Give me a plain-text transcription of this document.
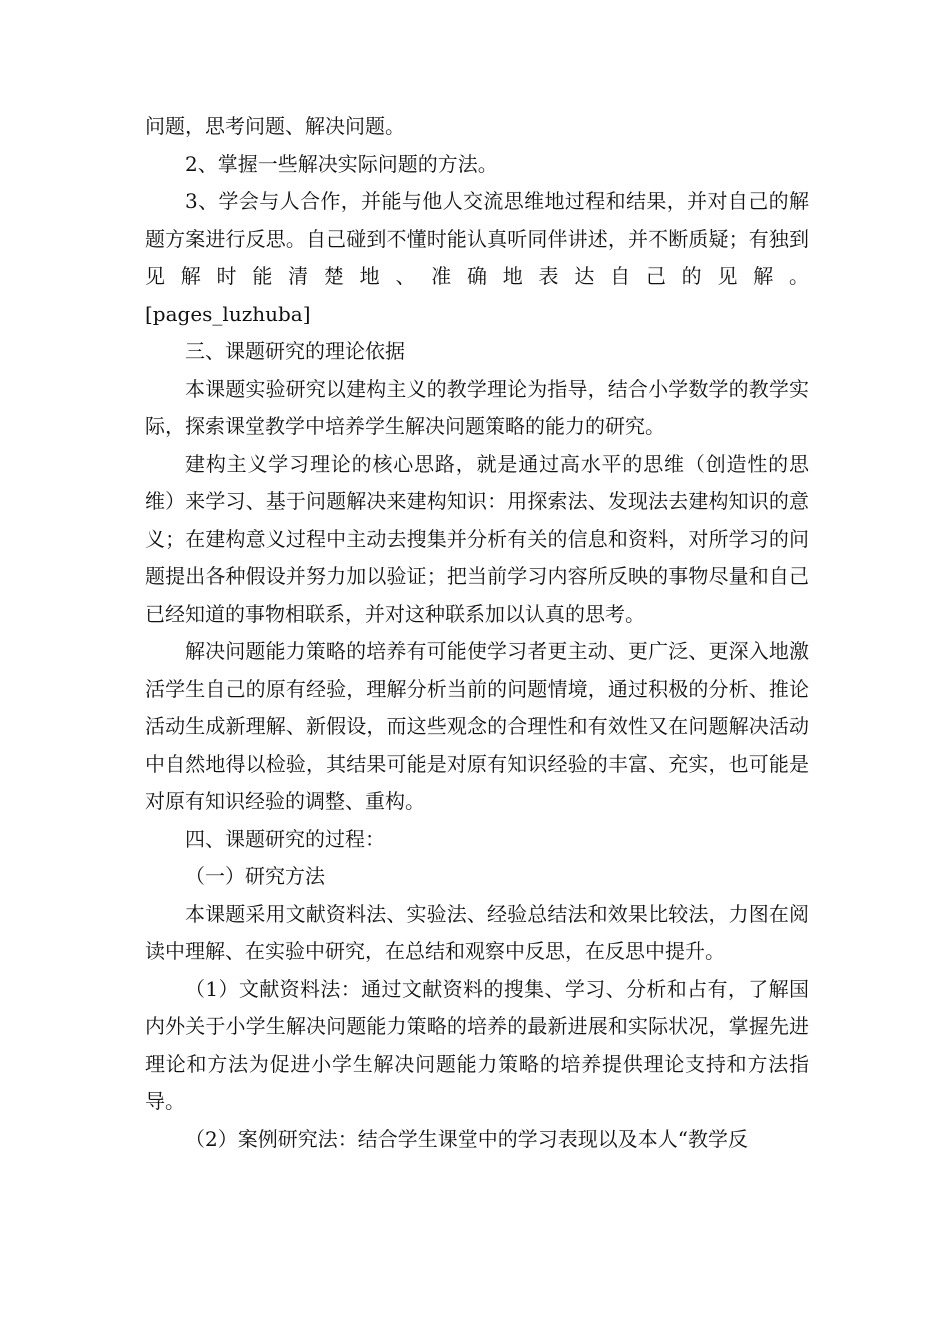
问题，思考问题、解决问题。

2、掌握一些解决实际问题的方法。

3、学会与人合作，并能与他人交流思维地过程和结果，并对自己的解题方案进行反思。自己碰到不懂时能认真听同伴讲述，并不断质疑；有独到见解时能清楚地、准确地表达自己的见解。

[pages_luzhuba]

三、课题研究的理论依据

本课题实验研究以建构主义的教学理论为指导，结合小学数学的教学实际，探索课堂教学中培养学生解决问题策略的能力的研究。

建构主义学习理论的核心思路，就是通过高水平的思维（创造性的思维）来学习、基于问题解决来建构知识：用探索法、发现法去建构知识的意义；在建构意义过程中主动去搜集并分析有关的信息和资料，对所学习的问题提出各种假设并努力加以验证；把当前学习内容所反映的事物尽量和自己已经知道的事物相联系，并对这种联系加以认真的思考。

解决问题能力策略的培养有可能使学习者更主动、更广泛、更深入地激活学生自己的原有经验，理解分析当前的问题情境，通过积极的分析、推论活动生成新理解、新假设，而这些观念的合理性和有效性又在问题解决活动中自然地得以检验，其结果可能是对原有知识经验的丰富、充实，也可能是对原有知识经验的调整、重构。

四、课题研究的过程：

（一）研究方法

本课题采用文献资料法、实验法、经验总结法和效果比较法，力图在阅读中理解、在实验中研究，在总结和观察中反思，在反思中提升。

（1）文献资料法：通过文献资料的搜集、学习、分析和占有，了解国内外关于小学生解决问题能力策略的培养的最新进展和实际状况，掌握先进理论和方法为促进小学生解决问题能力策略的培养提供理论支持和方法指导。

（2）案例研究法：结合学生课堂中的学习表现以及本人“教学反
